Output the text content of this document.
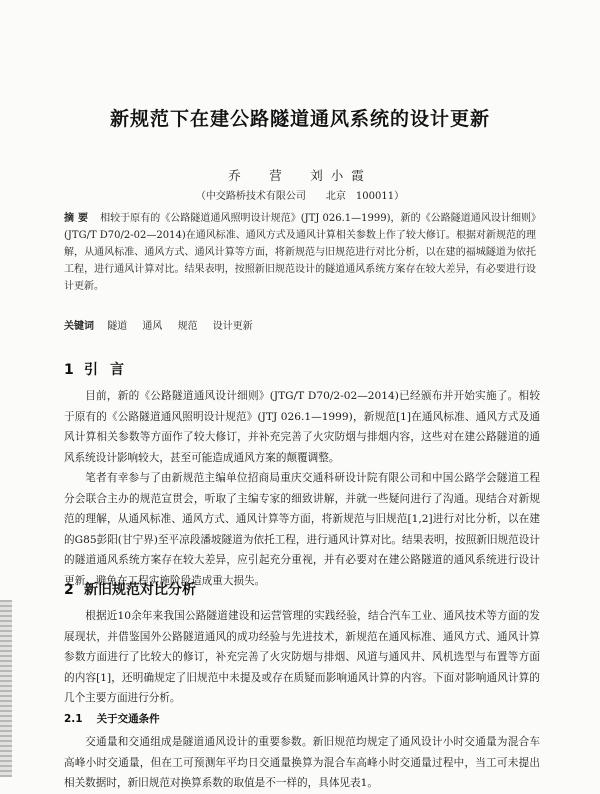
新规范下在建公路隧道通风系统的设计更新
乔　营　刘小霞
（中交路桥技术有限公司　　北京　100011）
摘要 相较于原有的《公路隧道通风照明设计规范》(JTJ 026.1—1999)，新的《公路隧道通风设计细则》(JTG/T D70/2-02—2014)在通风标准、通风方式及通风计算相关参数上作了较大修订。根据对新规范的理解，从通风标准、通风方式、通风计算等方面，将新规范与旧规范进行对比分析，以在建的福城隧道为依托工程，进行通风计算对比。结果表明，按照新旧规范设计的隧道通风系统方案存在较大差异，有必要进行设计更新。
关键词 隧道 通风 规范 设计更新
1引言

目前，新的《公路隧道通风设计细则》(JTG/T D70/2-02—2014)已经颁布并开始实施了。相较于原有的《公路隧道通风照明设计规范》(JTJ 026.1—1999)，新规范[1]在通风标准、通风方式及通风计算相关参数等方面作了较大修订，并补充完善了火灾防烟与排烟内容，这些对在建公路隧道的通风系统设计影响较大，甚至可能造成通风方案的颠覆调整。

笔者有幸参与了由新规范主编单位招商局重庆交通科研设计院有限公司和中国公路学会隧道工程分会联合主办的规范宣贯会，听取了主编专家的细致讲解，并就一些疑问进行了沟通。现结合对新规范的理解，从通风标准、通风方式、通风计算等方面，将新规范与旧规范[1,2]进行对比分析，以在建的G85彭阳(甘宁界)至平凉段潘坡隧道为依托工程，进行通风计算对比。结果表明，按照新旧规范设计的隧道通风系统方案存在较大差异，应引起充分重视，并有必要对在建公路隧道的通风系统进行设计更新，避免在工程实施阶段造成重大损失。

2 新旧规范对比分析

根据近10余年来我国公路隧道建设和运营管理的实践经验，结合汽车工业、通风技术等方面的发展现状，并借鉴国外公路隧道通风的成功经验与先进技术，新规范在通风标准、通风方式、通风计算参数方面进行了比较大的修订，补充完善了火灾防烟与排烟、风道与通风井、风机选型与布置等方面的内容[1]，还明确规定了旧规范中未提及或存在质疑而影响通风计算的内容。下面对影响通风计算的几个主要方面进行分析。

2.1 关于交通条件

交通量和交通组成是隧道通风设计的重要参数。新旧规范均规定了通风设计小时交通量为混合车高峰小时交通量，但在工可预测年平均日交通量换算为混合车高峰小时交通量过程中，当工可未提出相关数据时，新旧规范对换算系数的取值是不一样的，具体见表1。
